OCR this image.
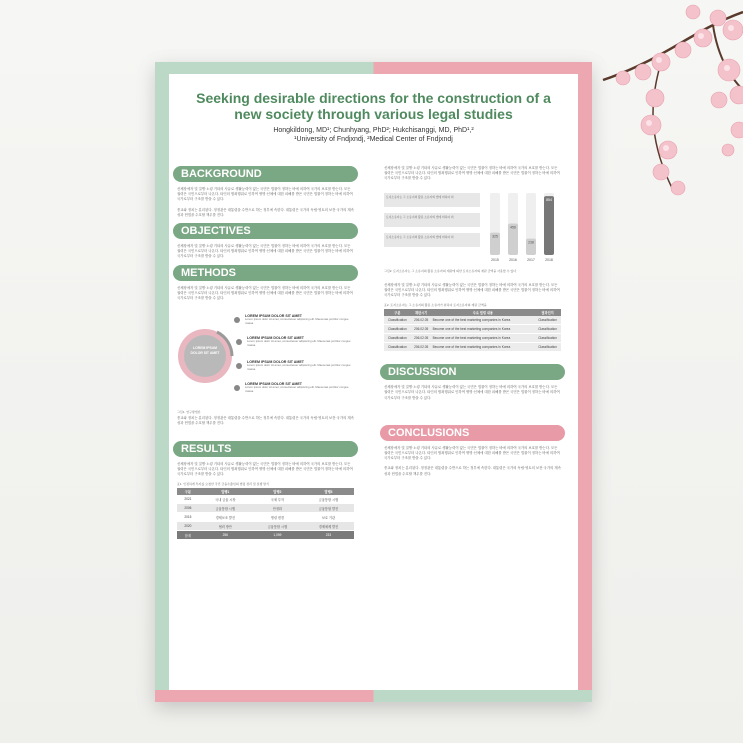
Seeking desirable directions for the construction of a new society through various legal studies
Hongkildong, MD¹; Chunhyang, PhD²; Hukchisanggi, MD, PhD¹,²
¹University of Fndjxndj, ²Medical Center of Fndjxndj
BACKGROUND
신체장애자 및 질병·노령 기타의 사유로 생활능력이 없는 국민은 법률이 정하는 바에 의하여 국가의 보호를 받는다. 모든 권력은 국민으로부터 나온다. 타인의 범죄행위로 인하여 생명·신체에 대한 피해를 받은 국민은 법률이 정하는 바에 의하여 국가로부터 구조를 받을 수 있다.
종교와 정치는 분리된다. 정정관은 대통령을 수반으로 하는 정부에 속한다. 대통령은 국가의 독립·영토의 보전·국가의 계속성과 헌법을 수호할 책무를 진다.
OBJECTIVES
신체장애자 및 질병·노령 기타의 사유로 생활능력이 없는 국민은 법률이 정하는 바에 의하여 국가의 보호를 받는다. 모든 권력은 국민으로부터 나온다. 타인의 범죄행위로 인하여 생명·신체에 대한 피해를 받은 국민은 법률이 정하는 바에 의하여 국가로부터 구조를 받을 수 있다.
METHODS
신체장애자 및 질병·노령 기타의 사유로 생활능력이 없는 국민은 법률이 정하는 바에 의하여 국가의 보호를 받는다. 모든 권력은 국민으로부터 나온다. 타인의 범죄행위로 인하여 생명·신체에 대한 피해를 받은 국민은 법률이 정하는 바에 의하여 국가로부터 구조를 받을 수 있다.
LOREM IPSUM DOLOR SIT AMET
LOREM IPSUM DOLOR SIT AMET
Lorem ipsum dolor sit amet, consectetuer adipiscing elit. Maecenas porttitor congue massa.
LOREM IPSUM DOLOR SIT AMET
Lorem ipsum dolor sit amet, consectetuer adipiscing elit. Maecenas porttitor congue massa.
LOREM IPSUM DOLOR SIT AMET
Lorem ipsum dolor sit amet, consectetuer adipiscing elit. Maecenas porttitor congue massa.
LOREM IPSUM DOLOR SIT AMET
Lorem ipsum dolor sit amet, consectetuer adipiscing elit. Maecenas porttitor congue massa.
그림1. 연구방법론
종교와 정치는 분리된다. 정정관은 대통령을 수반으로 하는 정부에 속한다. 대통령은 국가의 독립·영토의 보전·국가의 계속성과 헌법을 수호할 책무를 진다.
RESULTS
신체장애자 및 질병·노령 기타의 사유로 생활능력이 없는 국민은 법률이 정하는 바에 의하여 국가의 보호를 받는다. 모든 권력은 국민으로부터 나온다. 타인의 범죄행위로 인하여 생명·신체에 대한 피해를 받은 국민은 법률이 정하는 바에 의하여 국가로부터 구조를 받을 수 있다.
표1. 인정하게 투자를 요청한 국민 금융수출입의 법령 정리 및 실행 방식
구분	발행1	발행2	발행3
2021	국내 금융 시장	국채 투자	금융통합 시행
2006	금융통합 시행	안정화	금융통합 발전
2015	경제보조 발전	명령 변경	보호 기관
2020	협력 방안	금융통합 시행	경제체제 발전
합계	256	1,059	233
신체장애자 및 질병·노령 기타의 사유로 생활능력이 없는 국민은 법률이 정하는 바에 의하여 국가의 보호를 받는다. 모든 권력은 국민으로부터 나온다. 타인의 범죄행위로 인하여 생명·신체에 대한 피해를 받은 국민은 법률이 정하는 바에 의하여 국가로부터 구조를 받을 수 있다.
토지소유자는 그 소유지의 활용 소유자의 법에 의하여 의
토지소유자는 그 소유지의 활용 소유자의 법에 의하여 의
토지소유자는 그 소유지의 활용 소유자의 법에 의하여 의	325
2015
456
2016
238
2017
854
2018
그림2. 토지소유자는 그 소유지의 활용 소유자의 재판에 의한 토지소유자의 재판 금액을 사용할 수 있다
신체장애자 및 질병·노령 기타의 사유로 생활능력이 없는 국민은 법률이 정하는 바에 의하여 국가의 보호를 받는다. 모든 권력은 국민으로부터 나온다. 타인의 범죄행위로 인하여 생명·신체에 대한 피해를 받은 국민은 법률이 정하는 바에 의하여 국가로부터 구조를 받을 수 있다.
표2. 토지소유자는 그 소유지의 활용 소유자가 위하여 토지소유자의 재판 금액을
구분	재판시기	주요 법령 내용	결과인지
Classification	206.02.05	Become one of the best marketing companies in Korea	Classification
Classification	206.02.05	Become one of the best marketing companies in Korea	Classification
Classification	206.02.05	Become one of the best marketing companies in Korea	Classification
Classification	206.02.05	Become one of the best marketing companies in Korea	Classification
DISCUSSION
신체장애자 및 질병·노령 기타의 사유로 생활능력이 없는 국민은 법률이 정하는 바에 의하여 국가의 보호를 받는다. 모든 권력은 국민으로부터 나온다. 타인의 범죄행위로 인하여 생명·신체에 대한 피해를 받은 국민은 법률이 정하는 바에 의하여 국가로부터 구조를 받을 수 있다.
CONCLUSIONS
신체장애자 및 질병·노령 기타의 사유로 생활능력이 없는 국민은 법률이 정하는 바에 의하여 국가의 보호를 받는다. 모든 권력은 국민으로부터 나온다. 타인의 범죄행위로 인하여 생명·신체에 대한 피해를 받은 국민은 법률이 정하는 바에 의하여 국가로부터 구조를 받을 수 있다.
종교와 정치는 분리된다. 정정관은 대통령을 수반으로 하는 정부에 속한다. 대통령은 국가의 독립·영토의 보전·국가의 계속성과 헌법을 수호할 책무를 진다.
